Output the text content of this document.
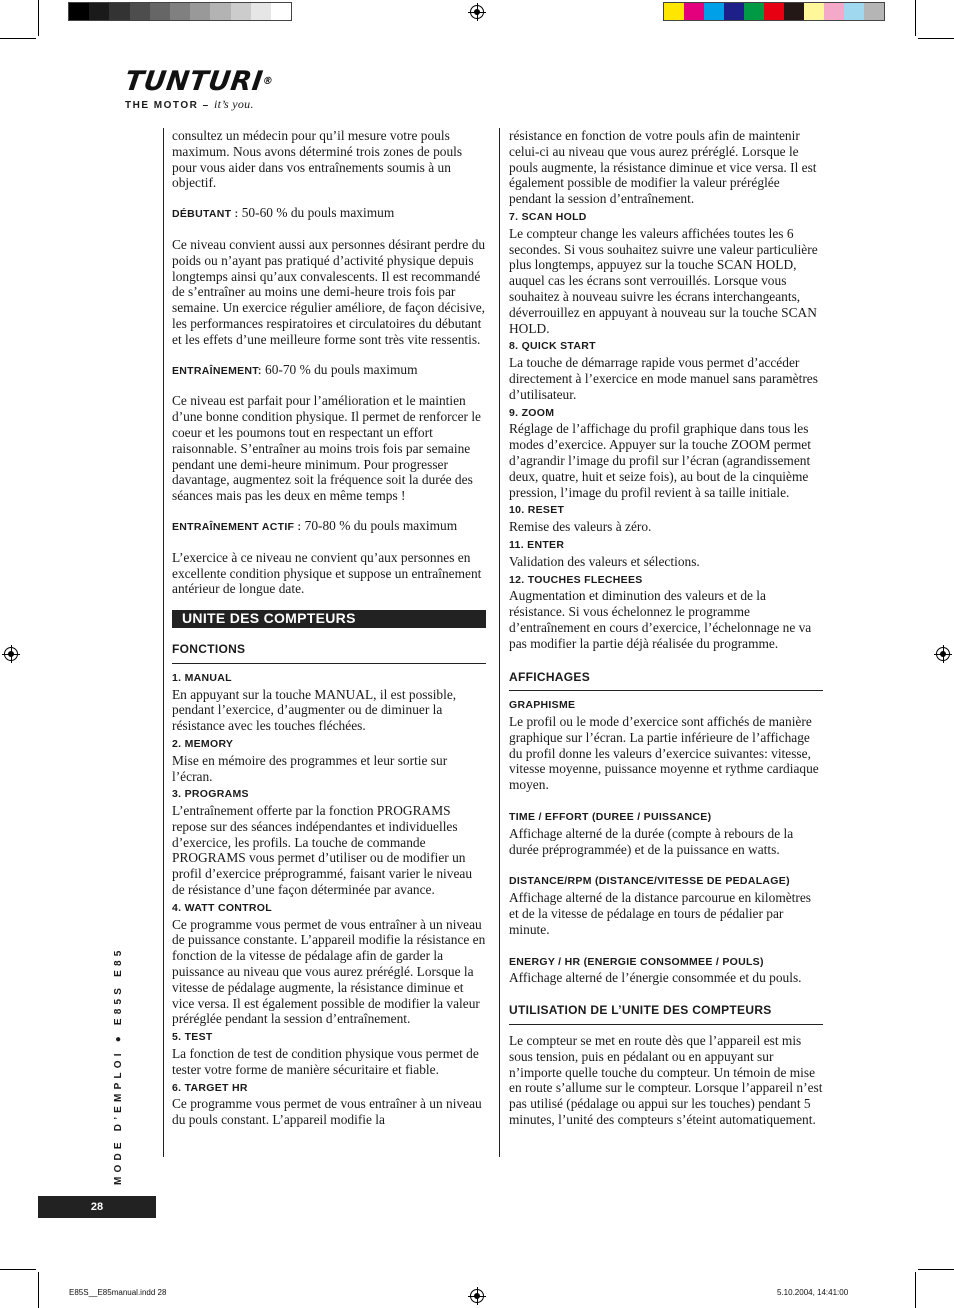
TUNTURI®
THE MOTOR – it’s you.

consultez un médecin pour qu’il mesure votre pouls maximum. Nous avons déterminé trois zones de pouls pour vous aider dans vos entraînements soumis à un objectif.

DÉBUTANT : 50-60 % du pouls maximum

Ce niveau convient aussi aux personnes désirant perdre du poids ou n’ayant pas pratiqué d’activité physique depuis longtemps ainsi qu’aux convalescents. Il est recommandé de s’entraîner au moins une demi-heure trois fois par semaine. Un exercice régulier améliore, de façon décisive, les performances respiratoires et circulatoires du débutant et les effets d’une meilleure forme sont très vite ressentis.

ENTRAÎNEMENT: 60-70 % du pouls maximum

Ce niveau est parfait pour l’amélioration et le maintien d’une bonne condition physique. Il permet de renforcer le coeur et les poumons tout en respectant un effort raisonnable. S’entraîner au moins trois fois par semaine pendant une demi-heure minimum. Pour progresser davantage, augmentez soit la fréquence soit la durée des séances mais pas les deux en même temps !

ENTRAÎNEMENT ACTIF : 70-80 % du pouls maximum

L’exercice à ce niveau ne convient qu’aux personnes en excellente condition physique et suppose un entraînement antérieur de longue date.

UNITE DES COMPTEURS
FONCTIONS
1. MANUAL

En appuyant sur la touche MANUAL, il est possible, pendant l’exercice, d’augmenter ou de diminuer la résistance avec les touches fléchées.

2. MEMORY

Mise en mémoire des programmes et leur sortie sur l’écran.

3. PROGRAMS

L’entraînement offerte par la fonction PROGRAMS repose sur des séances indépendantes et individuelles d’exercice, les profils. La touche de commande PROGRAMS vous permet d’utiliser ou de modifier un profil d’exercice préprogrammé, faisant varier le niveau de résistance d’une façon déterminée par avance.

4. WATT CONTROL

Ce programme vous permet de vous entraîner à un niveau de puissance constante. L’appareil modifie la résistance en fonction de la vitesse de pédalage afin de garder la puissance au niveau que vous aurez préréglé. Lorsque la vitesse de pédalage augmente, la résistance diminue et vice versa. Il est également possible de modifier la valeur préréglée pendant la session d’entraînement.

5. TEST

La fonction de test de condition physique vous permet de tester votre forme de manière sécuritaire et fiable.

6. TARGET HR

Ce programme vous permet de vous entraîner à un niveau du pouls constant. L’appareil modifie la

résistance en fonction de votre pouls afin de maintenir celui-ci au niveau que vous aurez préréglé. Lorsque le pouls augmente, la résistance diminue et vice versa. Il est également possible de modifier la valeur préréglée pendant la session d’entraînement.

7. SCAN HOLD

Le compteur change les valeurs affichées toutes les 6 secondes. Si vous souhaitez suivre une valeur particulière plus longtemps, appuyez sur la touche SCAN HOLD, auquel cas les écrans sont verrouillés. Lorsque vous souhaitez à nouveau suivre les écrans interchangeants, déverrouillez en appuyant à nouveau sur la touche SCAN HOLD.

8. QUICK START

La touche de démarrage rapide vous permet d’accéder directement à l’exercice en mode manuel sans paramètres d’utilisateur.

9. ZOOM

Réglage de l’affichage du profil graphique dans tous les modes d’exercice. Appuyer sur la touche ZOOM permet d’agrandir l’image du profil sur l’écran (agrandissement deux, quatre, huit et seize fois), au bout de la cinquième pression, l’image du profil revient à sa taille initiale.

10. RESET

Remise des valeurs à zéro.

11. ENTER

Validation des valeurs et sélections.

12. TOUCHES FLECHEES

Augmentation et diminution des valeurs et de la résistance. Si vous échelonnez le programme d’entraînement en cours d’exercice, l’échelonnage ne va pas modifier la partie déjà réalisée du programme.

AFFICHAGES
GRAPHISME

Le profil ou le mode d’exercice sont affichés de manière graphique sur l’écran. La partie inférieure de l’affichage du profil donne les valeurs d’exercice suivantes: vitesse, vitesse moyenne, puissance moyenne et rythme cardiaque moyen.

TIME / EFFORT (DUREE / PUISSANCE)

Affichage alterné de la durée (compte à rebours de la durée préprogrammée) et de la puissance en watts.

DISTANCE/RPM (DISTANCE/VITESSE DE PEDALAGE)

Affichage alterné de la distance parcourue en kilomètres et de la vitesse de pédalage en tours de pédalier par minute.

ENERGY / HR (ENERGIE CONSOMMEE / POULS)

Affichage alterné de l’énergie consommée et du pouls.

UTILISATION DE L’UNITE DES COMPTEURS

Le compteur se met en route dès que l’appareil est mis sous tension, puis en pédalant ou en appuyant sur n’importe quelle touche du compteur. Un témoin de mise en route s’allume sur le compteur. Lorsque l’appareil n’est pas utilisé (pédalage ou appui sur les touches) pendant 5 minutes, l’unité des compteurs s’éteint automatiquement.

MODE D’EMPLOI ● E85S E85
28
E85S__E85manual.indd 28	5.10.2004, 14:41:00
